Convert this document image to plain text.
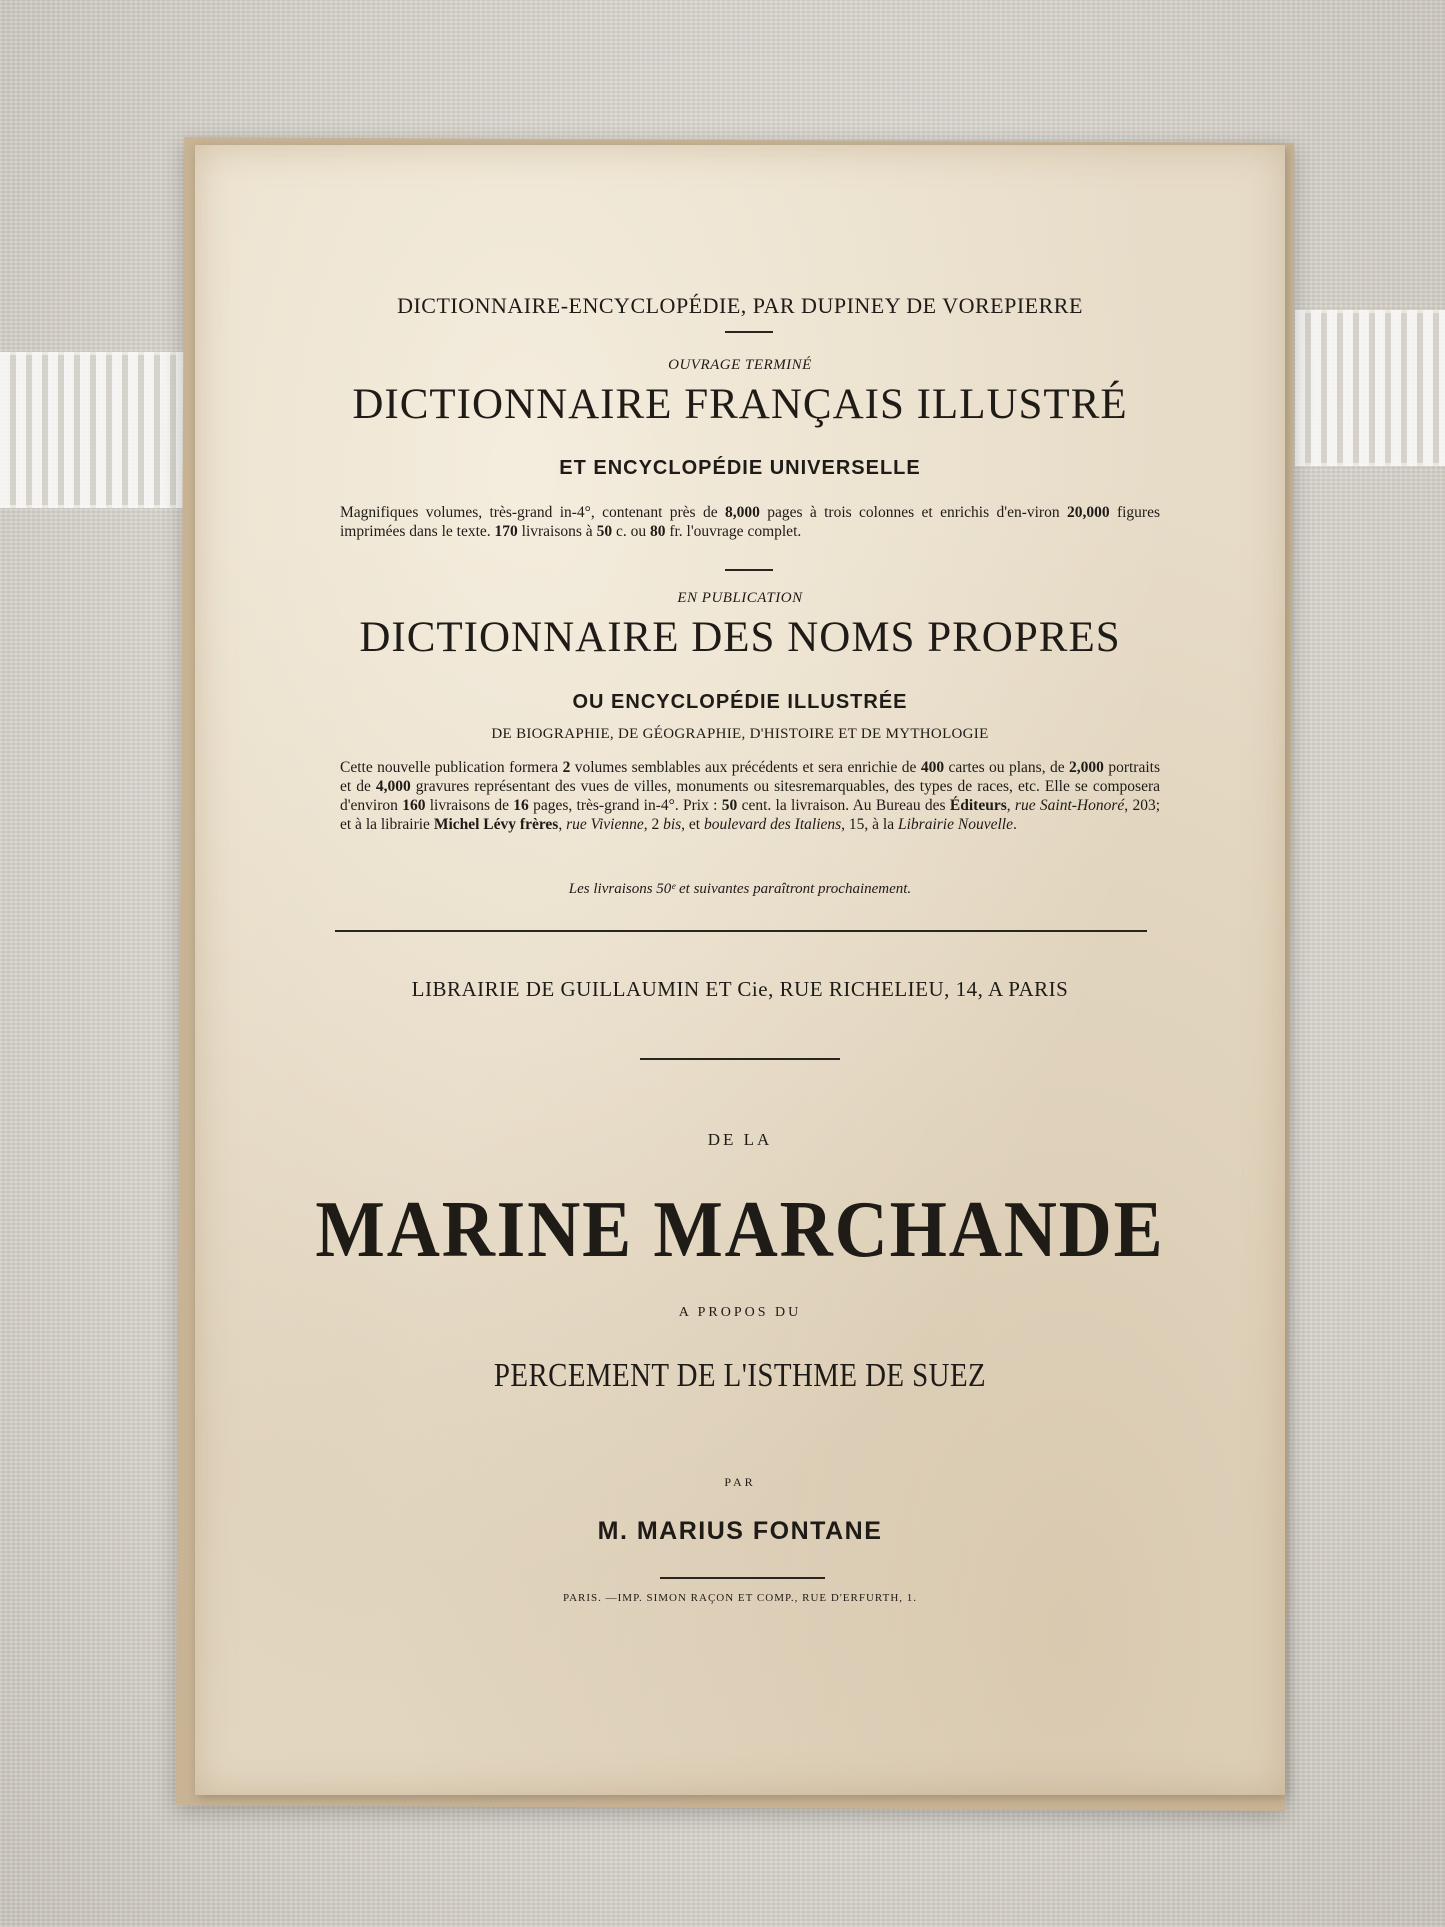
DICTIONNAIRE-ENCYCLOPÉDIE, PAR DUPINEY DE VOREPIERRE
OUVRAGE TERMINÉ
DICTIONNAIRE FRANÇAIS ILLUSTRÉ
ET ENCYCLOPÉDIE UNIVERSELLE
Magnifiques volumes, très-grand in-4°, contenant près de 8,000 pages à trois colonnes et enrichis d'en-viron 20,000 figures imprimées dans le texte. 170 livraisons à 50 c. ou 80 fr. l'ouvrage complet.
EN PUBLICATION
DICTIONNAIRE DES NOMS PROPRES
OU ENCYCLOPÉDIE ILLUSTRÉE
DE BIOGRAPHIE, DE GÉOGRAPHIE, D'HISTOIRE ET DE MYTHOLOGIE
Cette nouvelle publication formera 2 volumes semblables aux précédents et sera enrichie de 400 cartes ou plans, de 2,000 portraits et de 4,000 gravures représentant des vues de villes, monuments ou sitesremarquables, des types de races, etc. Elle se composera d'environ 160 livraisons de 16 pages, très-grand in-4°. Prix : 50 cent. la livraison. Au Bureau des Éditeurs, rue Saint-Honoré, 203; et à la librairie Michel Lévy frères, rue Vivienne, 2 bis, et boulevard des Italiens, 15, à la Librairie Nouvelle.
Les livraisons 50ᵉ et suivantes paraîtront prochainement.
LIBRAIRIE DE GUILLAUMIN ET Cie, RUE RICHELIEU, 14, A PARIS
DE LA
MARINE MARCHANDE
A PROPOS DU
PERCEMENT DE L'ISTHME DE SUEZ
PAR
M. MARIUS FONTANE
PARIS. —IMP. SIMON RAÇON ET COMP., RUE D'ERFURTH, 1.
